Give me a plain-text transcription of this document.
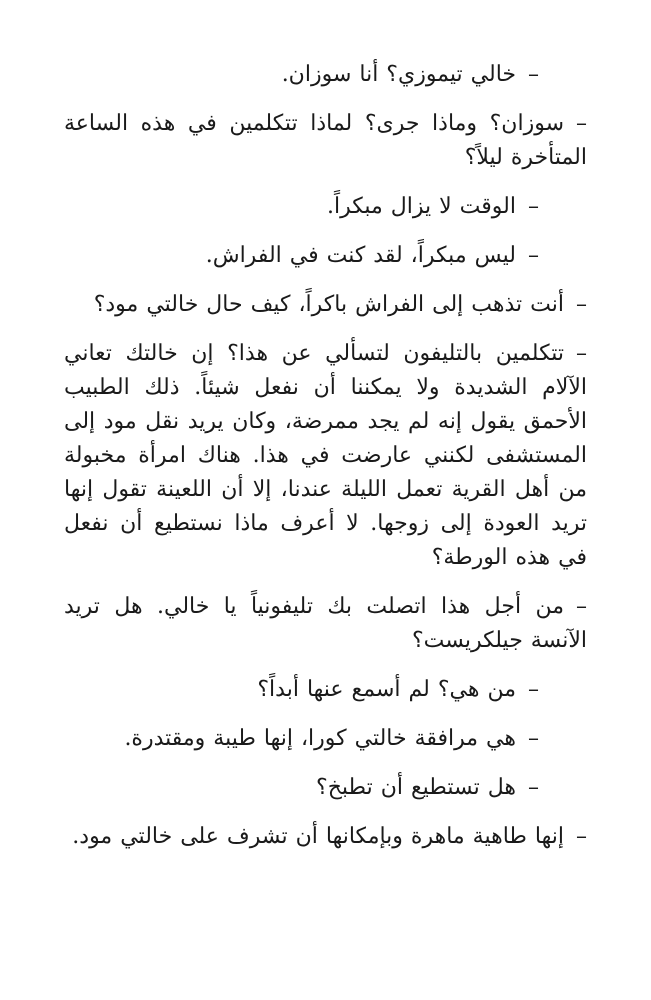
–خالي تيموزي؟ أنا سوزان.

–سوزان؟ وماذا جرى؟ لماذا تتكلمين في هذه الساعة المتأخرة ليلاً؟

–الوقت لا يزال مبكراً.

–ليس مبكراً، لقد كنت في الفراش.

–أنت تذهب إلى الفراش باكراً، كيف حال خالتي مود؟

–تتكلمين بالتليفون لتسألي عن هذا؟ إن خالتك تعاني الآلام الشديدة ولا يمكننا أن نفعل شيئاً. ذلك الطبيب الأحمق يقول إنه لم يجد ممرضة، وكان يريد نقل مود إلى المستشفى لكنني عارضت في هذا. هناك امرأة مخبولة من أهل القرية تعمل الليلة عندنا، إلا أن اللعينة تقول إنها تريد العودة إلى زوجها. لا أعرف ماذا نستطيع أن نفعل في هذه الورطة؟

–من أجل هذا اتصلت بك تليفونياً يا خالي. هل تريد الآنسة جيلكريست؟

–من هي؟ لم أسمع عنها أبداً؟

–هي مرافقة خالتي كورا، إنها طيبة ومقتدرة.

–هل تستطيع أن تطبخ؟

–إنها طاهية ماهرة وبإمكانها أن تشرف على خالتي مود.
